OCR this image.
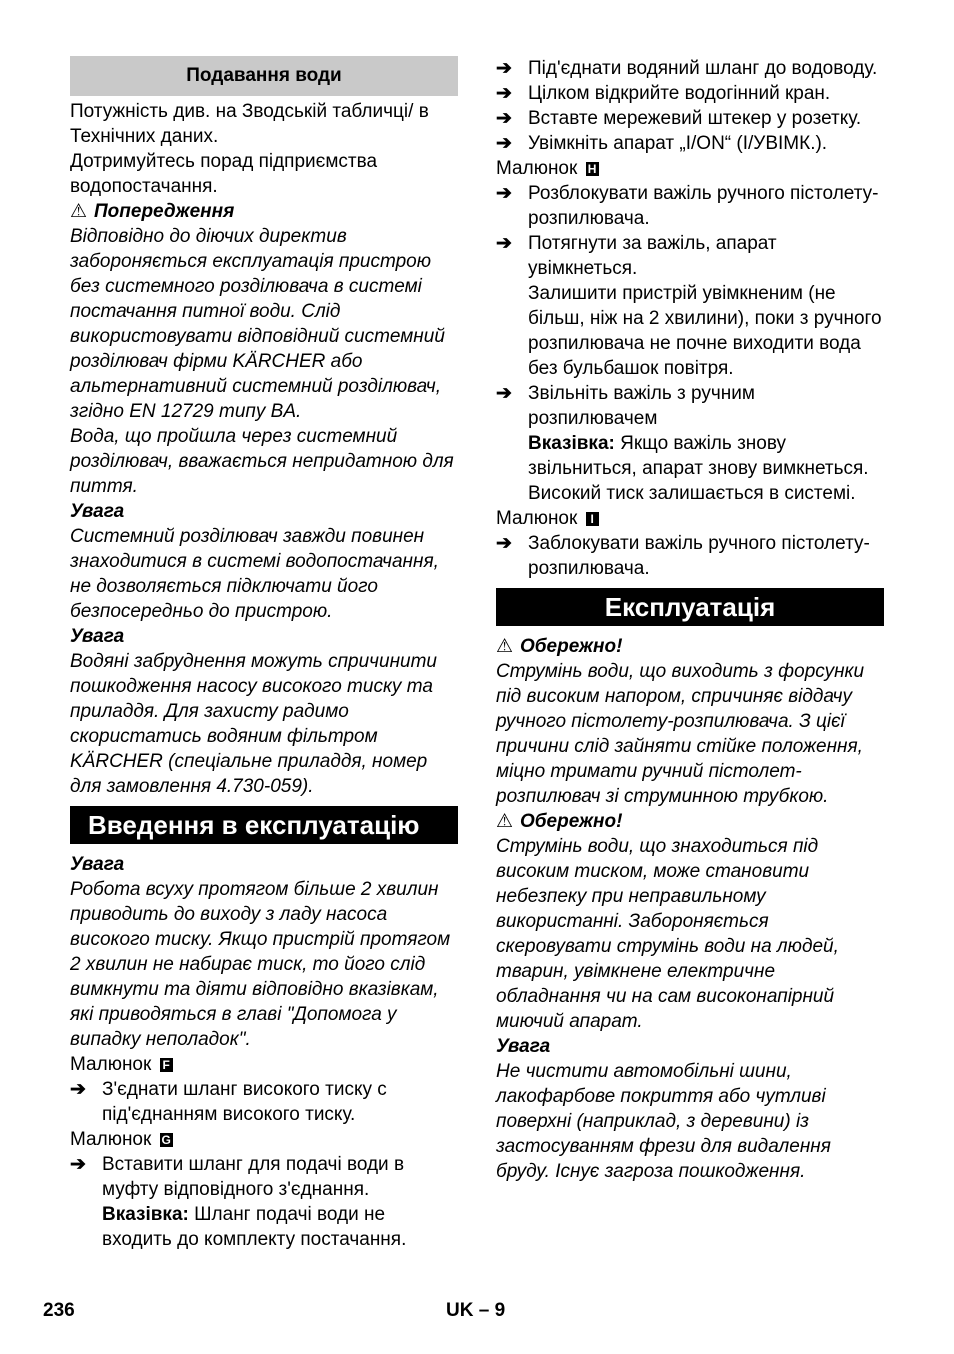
Подавання води

Потужність див. на Зводській табличці/ в Технічних даних.

Дотримуйтесь порад підприємства водопостачання.

⚠ Попередження

Відповідно до діючих директив забороняється експлуатація пристрою без системного розділювача в системі постачання питної води. Слід використовувати відповідний системний розділювач фірми KÄRCHER або альтернативний системний розділювач, згідно EN 12729 типу BA.

Вода, що пройшла через системний розділювач, вважається непридатною для пиття.

Увага

Системний розділювач завжди повинен знаходитися в системі водопостачання, не дозволяється підключати його безпосередньо до пристрою.

Увага

Водяні забруднення можуть спричинити пошкодження насосу високого тиску та приладдя. Для захисту радимо скористатись водяним фільтром KÄRCHER (спеціальне приладдя, номер для замовлення 4.730-059).

Введення в експлуатацію

Увага

Робота всуху протягом більше 2 хвилин приводить до виходу з ладу насоса високого тиску. Якщо пристрій протягом 2 хвилин не набирає тиск, то його слід вимкнути та діяти відповідно вказівкам, які приводяться в главі "Допомога у випадку неполадок".

Малюнок F

➔ З'єднати шланг високого тиску с під'єднанням високого тиску.

Малюнок G

➔ Вставити шланг для подачі води в муфту відповідного з'єднання.

Вказівка: Шланг подачі води не входить до комплекту постачання.

➔ Під'єднати водяний шланг до водоводу.

➔ Цілком відкрийте водогінний кран.

➔ Вставте мережевий штекер у розетку.

➔ Увімкніть апарат „I/ON“ (I/УВІМК.).

Малюнок H

➔ Розблокувати важіль ручного пістолету-розпилювача.

➔ Потягнути за важіль, апарат увімкнеться.

Залишити пристрій увімкненим (не більш, ніж на 2 хвилини), поки з ручного розпилювача не почне виходити вода без бульбашок повітря.

➔ Звільніть важіль з ручним розпилювачем

Вказівка: Якщо важіль знову звільниться, апарат знову вимкнеться. Високий тиск залишається в системі.

Малюнок I

➔ Заблокувати важіль ручного пістолету-розпилювача.

Експлуатація

⚠ Обережно!

Струмінь води, що виходить з форсунки під високим напором, спричиняє віддачу ручного пістолету-розпилювача. З цієї причини слід зайняти стійке положення, міцно тримати ручний пістолет-розпилювач зі струминною трубкою.

⚠ Обережно!

Струмінь води, що знаходиться під високим тиском, може становити небезпеку при неправильному використанні. Забороняється скеровувати струмінь води на людей, тварин, увімкнене електричне обладнання чи на сам високонапірний миючий апарат.

Увага

Не чистити автомобільні шини, лакофарбове покриття або чутливі поверхні (наприклад, з деревини) із застосуванням фрези для видалення бруду. Існує загроза пошкодження.

236	UK – 9
